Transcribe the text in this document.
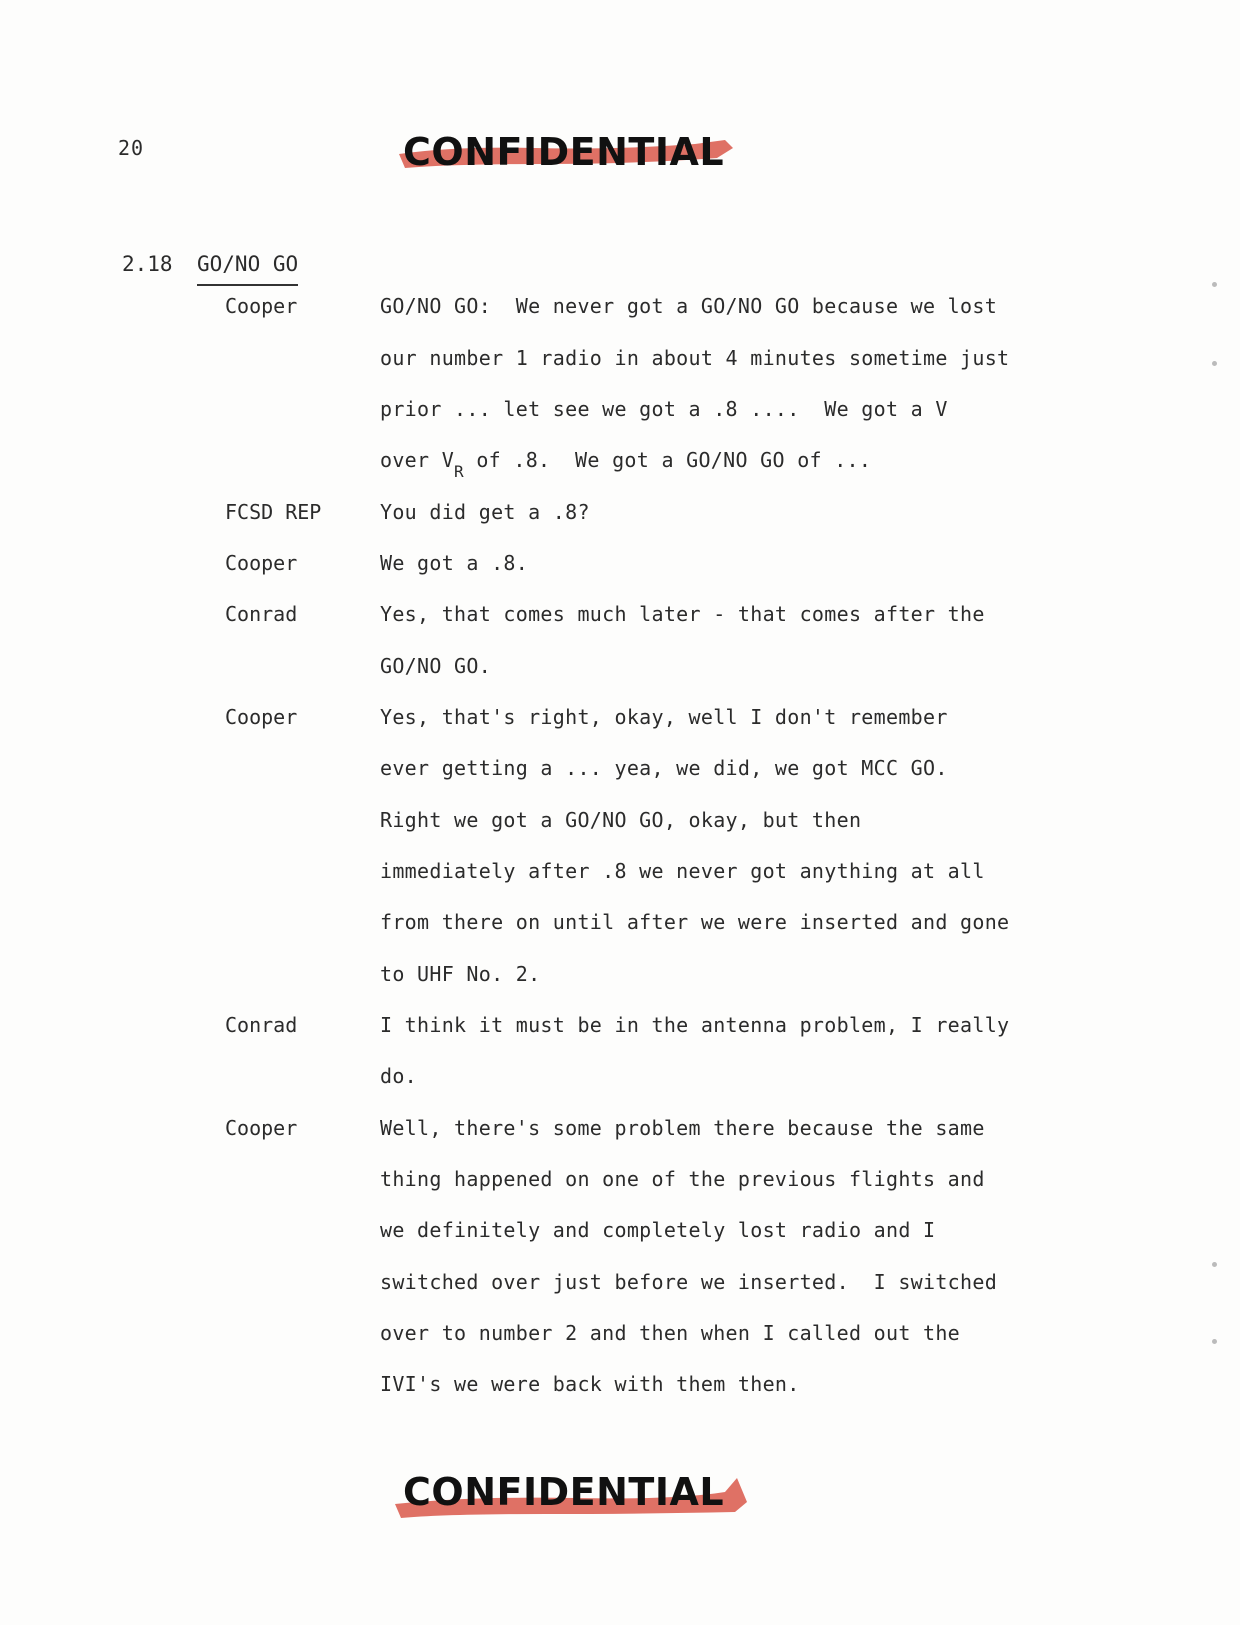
20	CONFIDENTIAL
2.18 GO/NO GO
Cooper	GO/NO GO:  We never got a GO/NO GO because we lost
our number 1 radio in about 4 minutes sometime just
prior ... let see we got a .8 ....  We got a V
over $V_R$ of .8.  We got a GO/NO GO of ...
FCSD REP	You did get a .8?
Cooper	We got a .8.
Conrad	Yes, that comes much later - that comes after the
GO/NO GO.
Cooper	Yes, that's right, okay, well I don't remember
ever getting a ... yea, we did, we got MCC GO.
Right we got a GO/NO GO, okay, but then
immediately after .8 we never got anything at all
from there on until after we were inserted and gone
to UHF No. 2.
Conrad	I think it must be in the antenna problem, I really
do.
Cooper	Well, there's some problem there because the same
thing happened on one of the previous flights and
we definitely and completely lost radio and I
switched over just before we inserted.  I switched
over to number 2 and then when I called out the
IVI's we were back with them then.
CONFIDENTIAL
